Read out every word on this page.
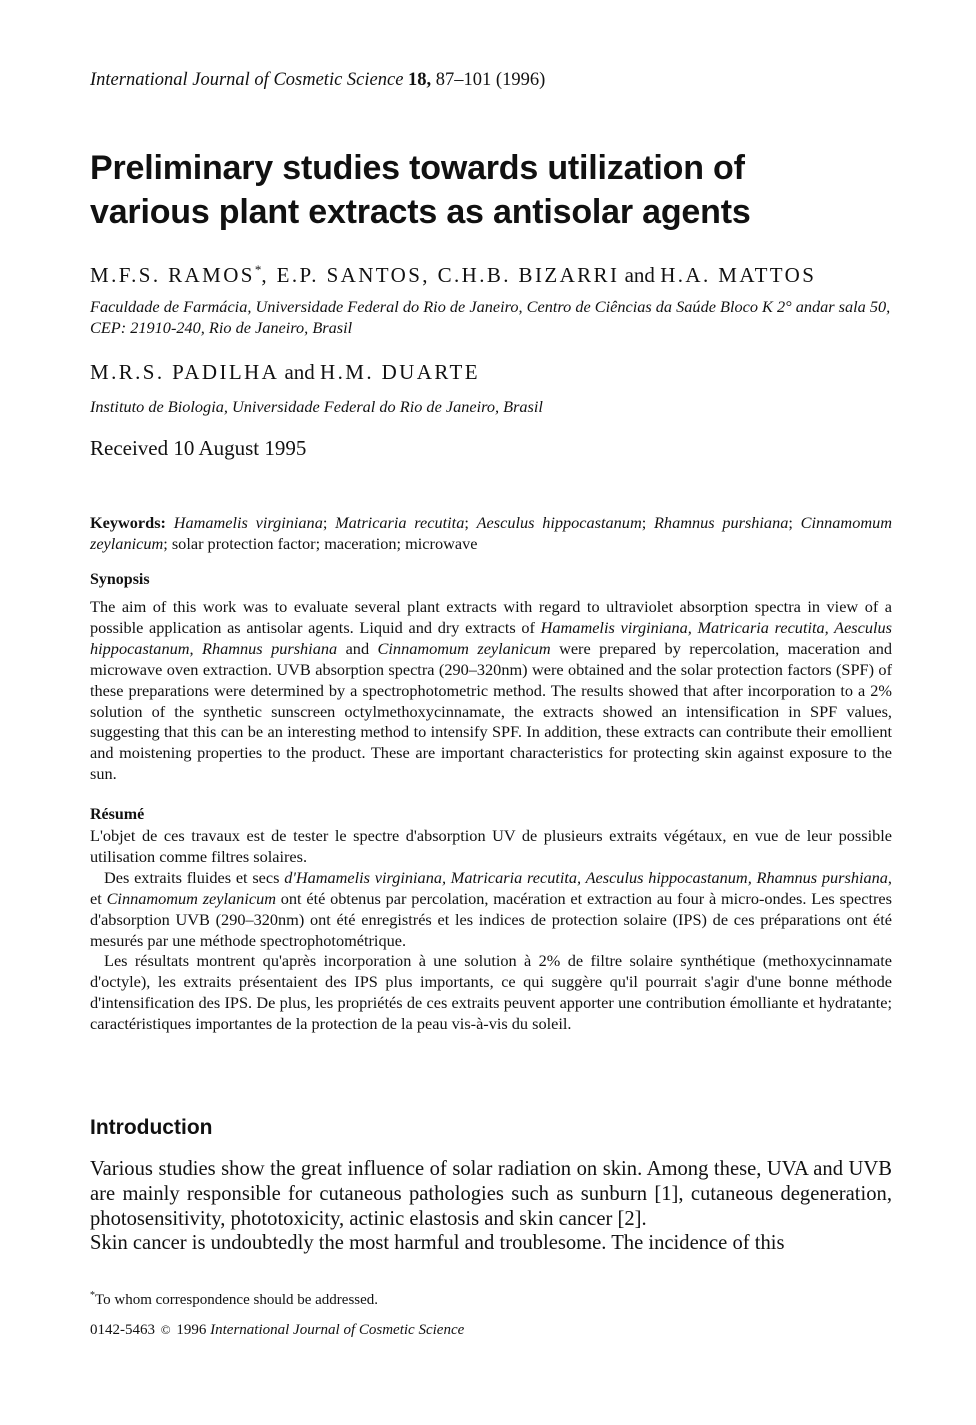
International Journal of Cosmetic Science 18, 87–101 (1996)
Preliminary studies towards utilization of
various plant extracts as antisolar agents
M.F.S. RAMOS*, E.P. SANTOS, C.H.B. BIZARRI and H.A. MATTOS
Faculdade de Farmácia, Universidade Federal do Rio de Janeiro, Centro de Ciências da Saúde Bloco K 2° andar sala 50, CEP: 21910-240, Rio de Janeiro, Brasil
M.R.S. PADILHA and H.M. DUARTE
Instituto de Biologia, Universidade Federal do Rio de Janeiro, Brasil
Received 10 August 1995
Keywords: Hamamelis virginiana; Matricaria recutita; Aesculus hippocastanum; Rhamnus purshiana; Cinnamomum zeylanicum; solar protection factor; maceration; microwave
Synopsis
The aim of this work was to evaluate several plant extracts with regard to ultraviolet absorption spectra in view of a possible application as antisolar agents. Liquid and dry extracts of Hamamelis virginiana, Matricaria recutita, Aesculus hippocastanum, Rhamnus purshiana and Cinnamomum zeylanicum were prepared by repercolation, maceration and microwave oven extraction. UVB absorption spectra (290–320nm) were obtained and the solar protection factors (SPF) of these preparations were determined by a spectrophotometric method. The results showed that after incorporation to a 2% solution of the synthetic sunscreen octylmethoxycinnamate, the extracts showed an intensification in SPF values, suggesting that this can be an interesting method to intensify SPF. In addition, these extracts can contribute their emollient and moistening properties to the product. These are important characteristics for protecting skin against exposure to the sun.
Résumé

L'objet de ces travaux est de tester le spectre d'absorption UV de plusieurs extraits végétaux, en vue de leur possible utilisation comme filtres solaires.

Des extraits fluides et secs d'Hamamelis virginiana, Matricaria recutita, Aesculus hippocastanum, Rhamnus purshiana, et Cinnamomum zeylanicum ont été obtenus par percolation, macération et extraction au four à micro-ondes. Les spectres d'absorption UVB (290–320nm) ont été enregistrés et les indices de protection solaire (IPS) de ces préparations ont été mesurés par une méthode spectrophotométrique.

Les résultats montrent qu'après incorporation à une solution à 2% de filtre solaire synthétique (methoxycinnamate d'octyle), les extraits présentaient des IPS plus importants, ce qui suggère qu'il pourrait s'agir d'une bonne méthode d'intensification des IPS. De plus, les propriétés de ces extraits peuvent apporter une contribution émolliante et hydratante; caractéristiques importantes de la protection de la peau vis-à-vis du soleil.

Introduction

Various studies show the great influence of solar radiation on skin. Among these, UVA and UVB are mainly responsible for cutaneous pathologies such as sunburn [1], cutaneous degeneration, photosensitivity, phototoxicity, actinic elastosis and skin cancer [2].

Skin cancer is undoubtedly the most harmful and troublesome. The incidence of this

*To whom correspondence should be addressed.
0142-5463 © 1996 International Journal of Cosmetic Science
